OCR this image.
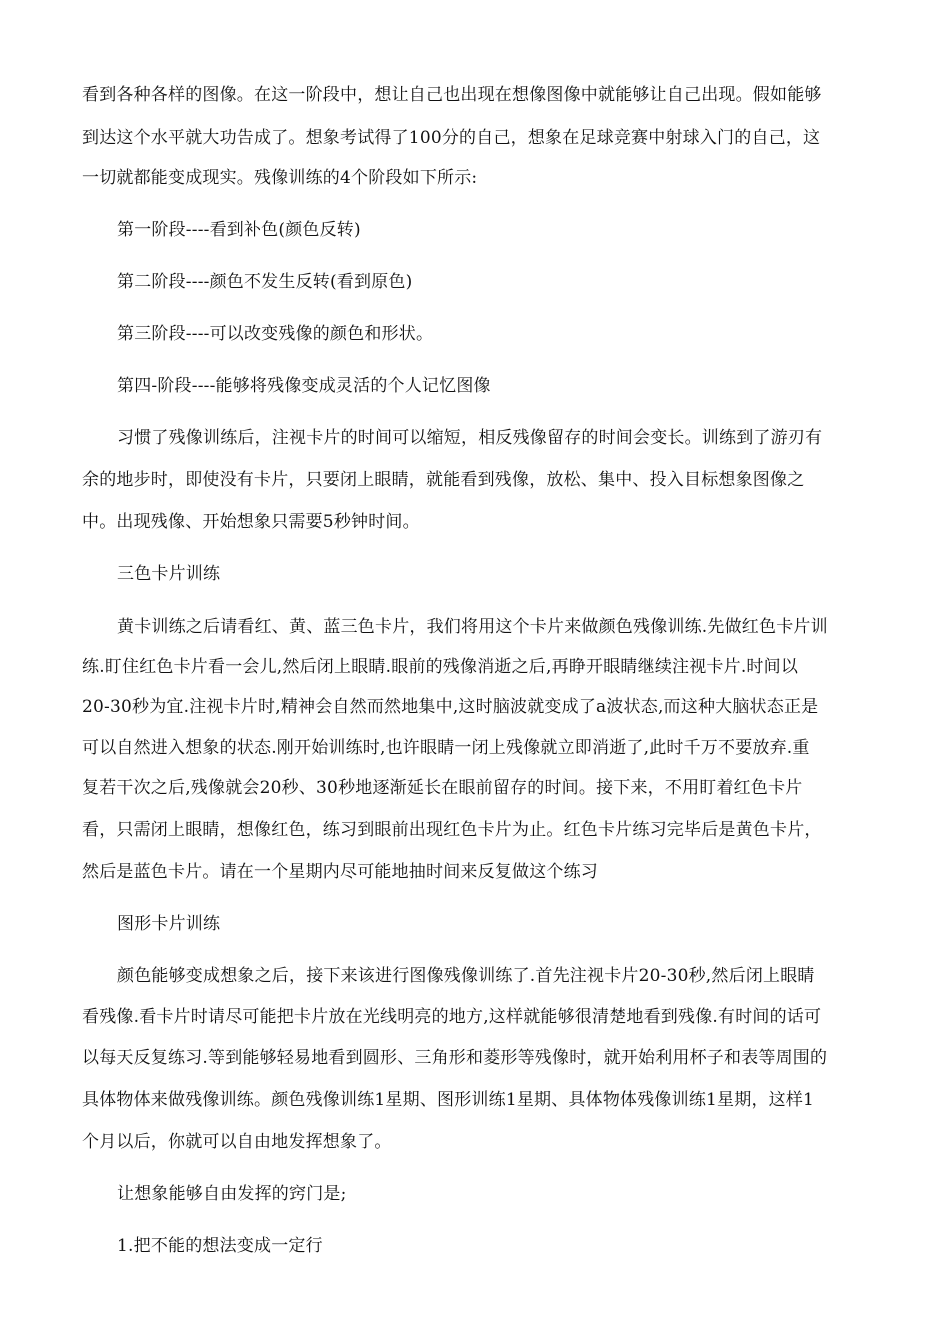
看到各种各样的图像。在这一阶段中，想让自己也出现在想像图像中就能够让自己出现。假如能够
到达这个水平就大功告成了。想象考试得了100分的自己，想象在足球竞赛中射球入门的自己，这
一切就都能变成现实。残像训练的4个阶段如下所示:
第一阶段----看到补色(颜色反转)
第二阶段----颜色不发生反转(看到原色)
第三阶段----可以改变残像的颜色和形状。
第四-阶段----能够将残像变成灵活的个人记忆图像
习惯了残像训练后，注视卡片的时间可以缩短，相反残像留存的时间会变长。训练到了游刃有
余的地步时，即使没有卡片，只要闭上眼睛，就能看到残像，放松、集中、投入目标想象图像之
中。出现残像、开始想象只需要5秒钟时间。
三色卡片训练
黄卡训练之后请看红、黄、蓝三色卡片，我们将用这个卡片来做颜色残像训练.先做红色卡片训
练.盯住红色卡片看一会儿,然后闭上眼睛.眼前的残像消逝之后,再睁开眼睛继续注视卡片.时间以
20-30秒为宜.注视卡片时,精神会自然而然地集中,这时脑波就变成了a波状态,而这种大脑状态正是
可以自然进入想象的状态.刚开始训练时,也许眼睛一闭上残像就立即消逝了,此时千万不要放弃.重
复若干次之后,残像就会20秒、30秒地逐渐延长在眼前留存的时间。接下来，不用盯着红色卡片
看，只需闭上眼睛，想像红色，练习到眼前出现红色卡片为止。红色卡片练习完毕后是黄色卡片，
然后是蓝色卡片。请在一个星期内尽可能地抽时间来反复做这个练习
图形卡片训练
颜色能够变成想象之后，接下来该进行图像残像训练了.首先注视卡片20-30秒,然后闭上眼睛
看残像.看卡片时请尽可能把卡片放在光线明亮的地方,这样就能够很清楚地看到残像.有时间的话可
以每天反复练习.等到能够轻易地看到圆形、三角形和菱形等残像时，就开始利用杯子和表等周围的
具体物体来做残像训练。颜色残像训练1星期、图形训练1星期、具体物体残像训练1星期，这样1
个月以后，你就可以自由地发挥想象了。
让想象能够自由发挥的窍门是;
1.把不能的想法变成一定行
